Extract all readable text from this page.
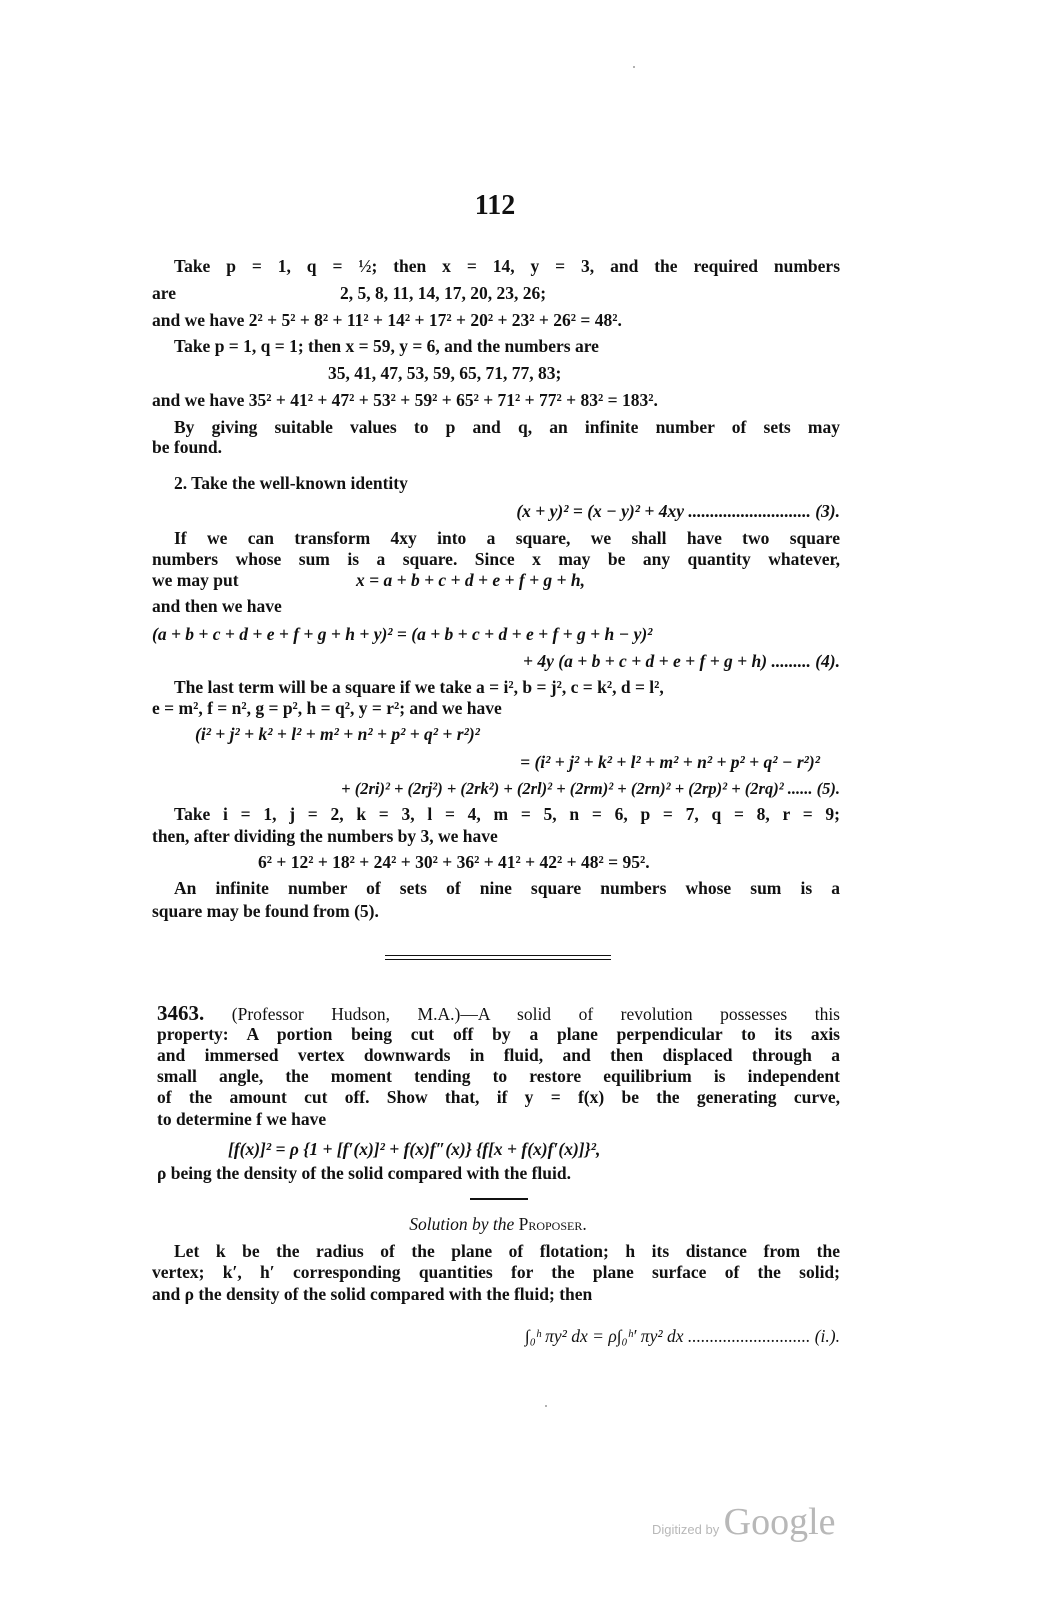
112
Take p = 1, q = ½; then x = 14, y = 3, and the required numbers
are	2, 5, 8, 11, 14, 17, 20, 23, 26;
and we have 2² + 5² + 8² + 11² + 14² + 17² + 20² + 23² + 26² = 48².
Take p = 1, q = 1; then x = 59, y = 6, and the numbers are
35, 41, 47, 53, 59, 65, 71, 77, 83;
and we have 35² + 41² + 47² + 53² + 59² + 65² + 71² + 77² + 83² = 183².
By giving suitable values to p and q, an infinite number of sets may
be found.
2. Take the well-known identity
(x + y)² = (x − y)² + 4xy ............................ (3).
If we can transform 4xy into a square, we shall have two square
numbers whose sum is a square. Since x may be any quantity whatever,
we may put	x = a + b + c + d + e + f + g + h,
and then we have
(a + b + c + d + e + f + g + h + y)² = (a + b + c + d + e + f + g + h − y)²
+ 4y (a + b + c + d + e + f + g + h) ......... (4).
The last term will be a square if we take a = i², b = j², c = k², d = l²,
e = m², f = n², g = p², h = q², y = r²; and we have
(i² + j² + k² + l² + m² + n² + p² + q² + r²)²
= (i² + j² + k² + l² + m² + n² + p² + q² − r²)²
+ (2ri)² + (2rj²) + (2rk²) + (2rl)² + (2rm)² + (2rn)² + (2rp)² + (2rq)² ...... (5).
Take i = 1, j = 2, k = 3, l = 4, m = 5, n = 6, p = 7, q = 8, r = 9;
then, after dividing the numbers by 3, we have
6² + 12² + 18² + 24² + 30² + 36² + 41² + 42² + 48² = 95².
An infinite number of sets of nine square numbers whose sum is a
square may be found from (5).
3463. (Professor Hudson, M.A.)—A solid of revolution possesses this
property: A portion being cut off by a plane perpendicular to its axis
and immersed vertex downwards in fluid, and then displaced through a
small angle, the moment tending to restore equilibrium is independent
of the amount cut off. Show that, if y = f(x) be the generating curve,
to determine f we have
[f(x)]² = ρ {1 + [f′(x)]² + f(x)f″(x)} {f[x + f(x)f′(x)]}²,
ρ being the density of the solid compared with the fluid.
Solution by the Proposer.
Let k be the radius of the plane of flotation; h its distance from the
vertex; k′, h′ corresponding quantities for the plane surface of the solid;
and ρ the density of the solid compared with the fluid; then
∫₀ʰ πy² dx = ρ∫₀ʰ′ πy² dx ............................ (i.).
Digitized by Google
